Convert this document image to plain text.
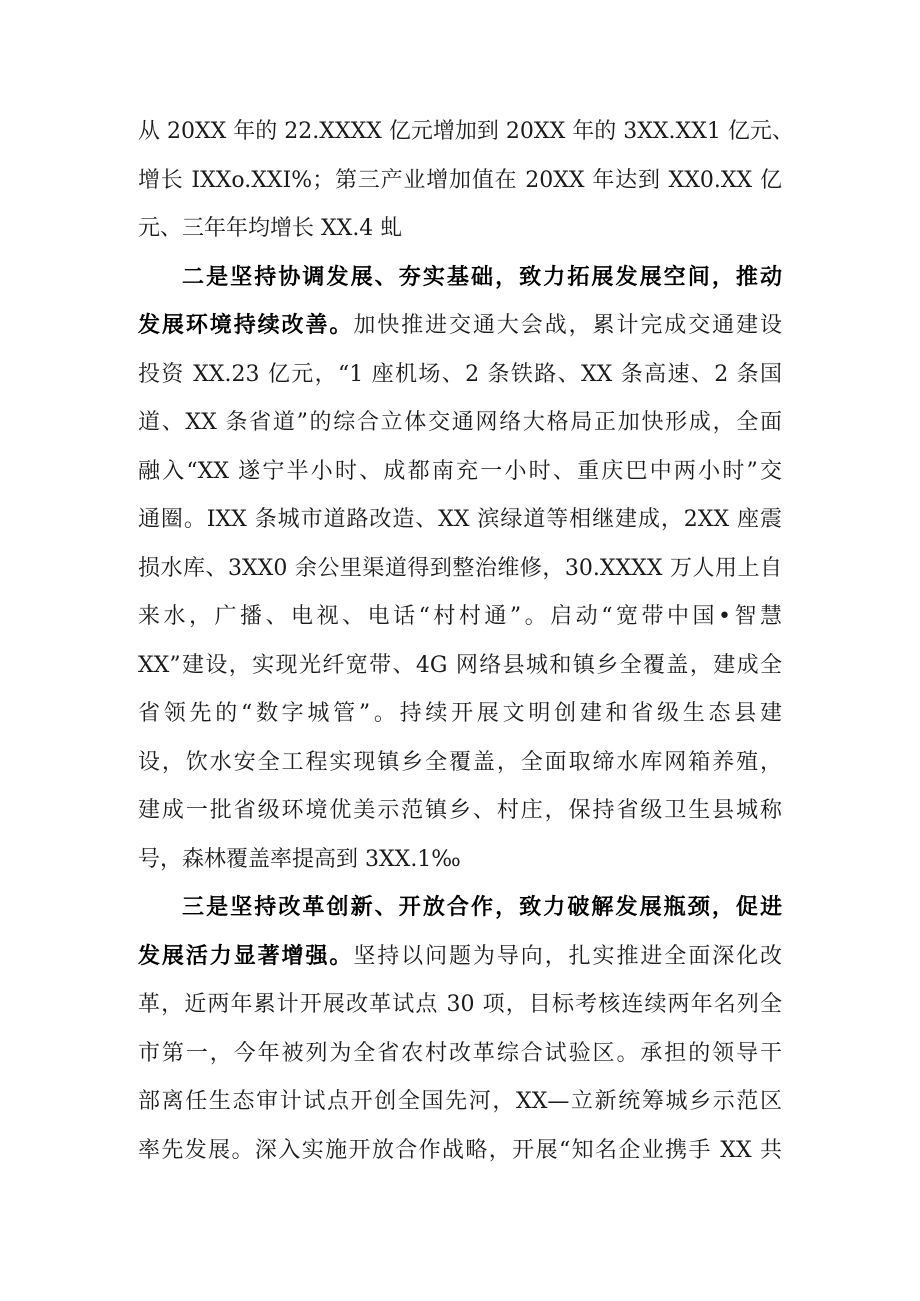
从 20XX 年的 22.XXXX 亿元增加到 20XX 年的 3XX.XX1 亿元、
增长 IXXo.XXI%；第三产业增加值在 20XX 年达到 XX0.XX 亿
元、三年年均增长 XX.4 虬
二是坚持协调发展、夯实基础，致力拓展发展空间，推动
发展环境持续改善。加快推进交通大会战，累计完成交通建设
投资 XX.23 亿元，“1 座机场、2 条铁路、XX 条高速、2 条国
道、XX 条省道”的综合立体交通网络大格局正加快形成，全面
融入“XX 遂宁半小时、成都南充一小时、重庆巴中两小时”交
通圈。IXX 条城市道路改造、XX 滨绿道等相继建成，2XX 座震
损水库、3XX0 余公里渠道得到整治维修，30.XXXX 万人用上自
来水，广播、电视、电话“村村通”。启动“宽带中国•智慧
XX”建设，实现光纤宽带、4G 网络县城和镇乡全覆盖，建成全
省领先的“数字城管”。持续开展文明创建和省级生态县建
设，饮水安全工程实现镇乡全覆盖，全面取缔水库网箱养殖，
建成一批省级环境优美示范镇乡、村庄，保持省级卫生县城称
号，森林覆盖率提高到 3XX.1‰
三是坚持改革创新、开放合作，致力破解发展瓶颈，促进
发展活力显著增强。坚持以问题为导向，扎实推进全面深化改
革，近两年累计开展改革试点 30 项，目标考核连续两年名列全
市第一，今年被列为全省农村改革综合试验区。承担的领导干
部离任生态审计试点开创全国先河，XX—立新统筹城乡示范区
率先发展。深入实施开放合作战略，开展“知名企业携手 XX 共
